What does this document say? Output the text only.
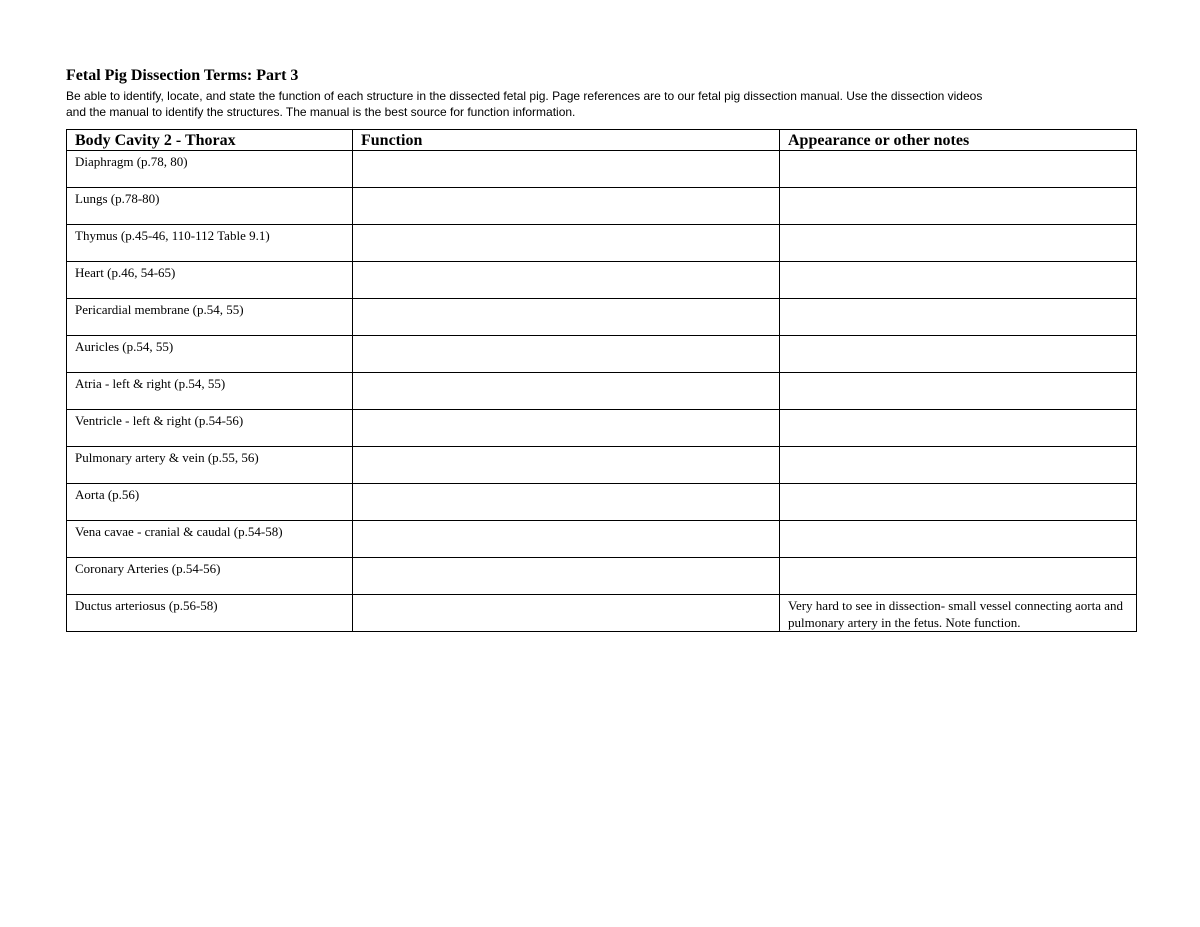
Fetal Pig Dissection Terms: Part 3

Be able to identify, locate, and state the function of each structure in the dissected fetal pig. Page references are to our fetal pig dissection manual. Use the dissection videos
and the manual to identify the structures. The manual is the best source for function information.

Body Cavity 2 - Thorax	Function	Appearance or other notes
Diaphragm (p.78, 80)		
Lungs (p.78-80)		
Thymus (p.45-46, 110-112 Table 9.1)		
Heart (p.46, 54-65)		
Pericardial membrane (p.54, 55)		
Auricles (p.54, 55)		
Atria - left & right (p.54, 55)		
Ventricle - left & right (p.54-56)		
Pulmonary artery & vein (p.55, 56)		
Aorta (p.56)		
Vena cavae - cranial & caudal (p.54-58)		
Coronary Arteries (p.54-56)		
Ductus arteriosus (p.56-58)		Very hard to see in dissection- small vessel connecting aorta and pulmonary artery in the fetus. Note function.
